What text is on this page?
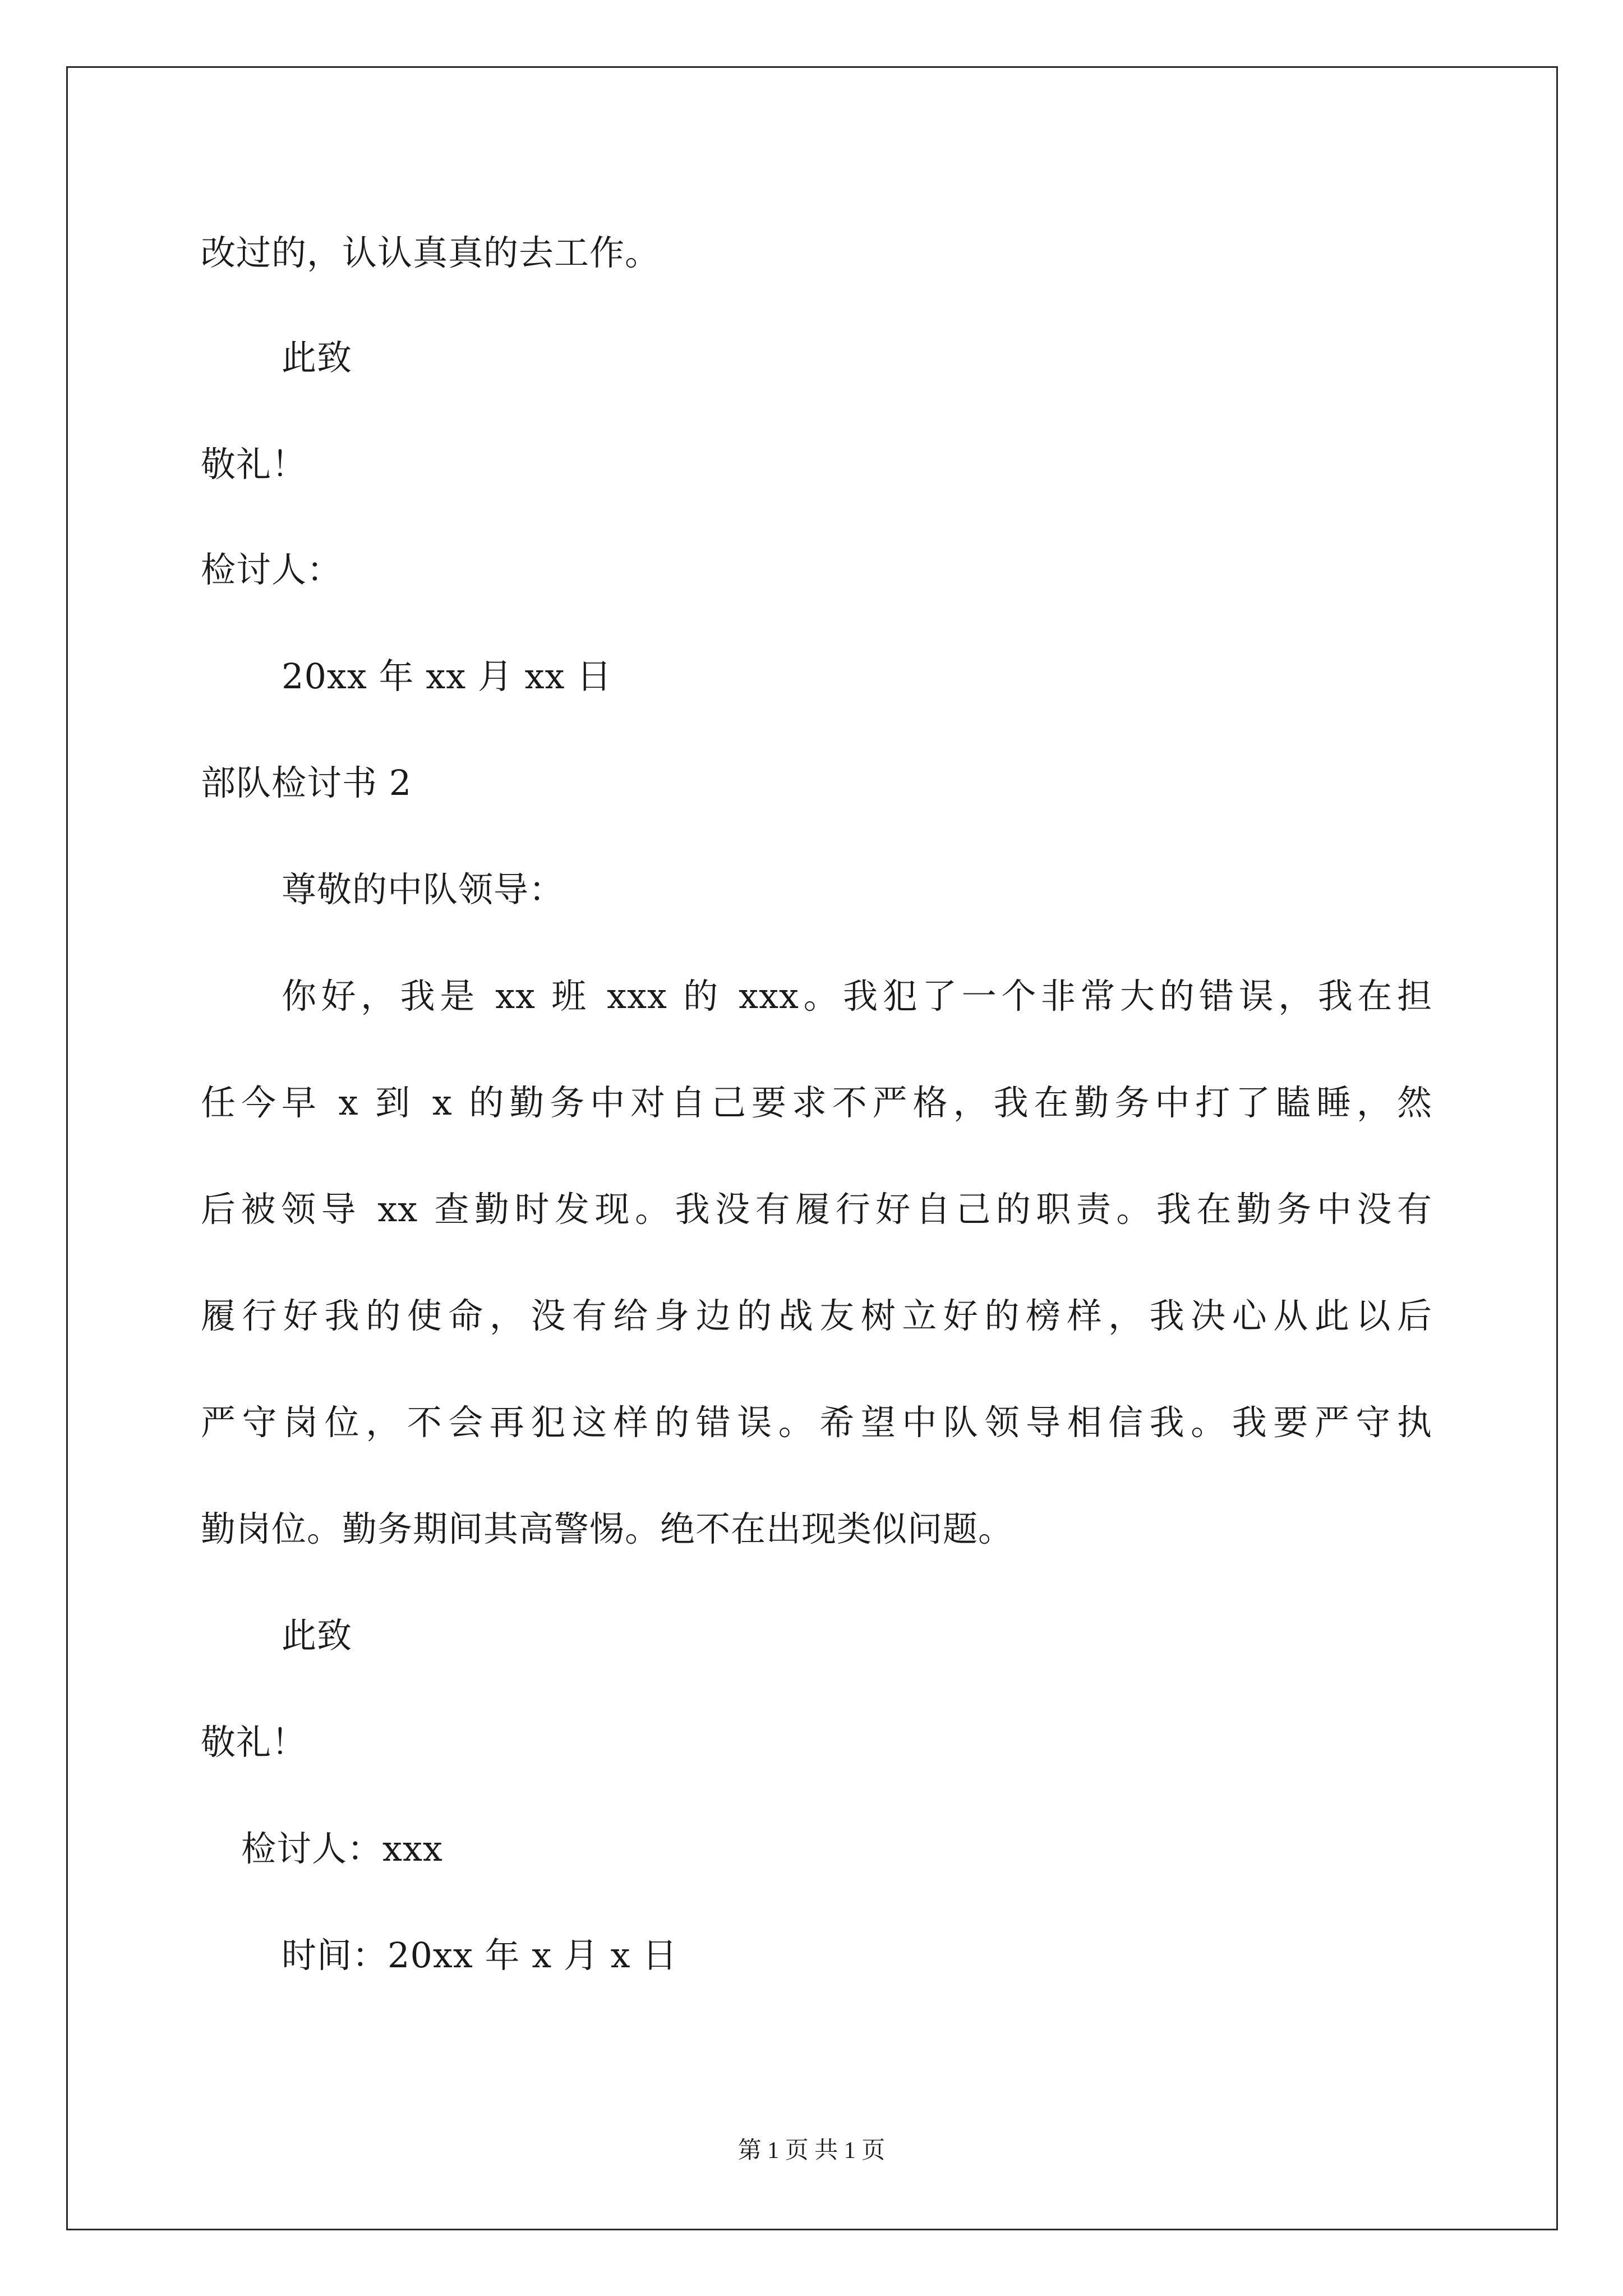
改过的，认认真真的去工作。
此致
敬礼！
检讨人：
20xx 年 xx 月 xx 日
部队检讨书 2
尊敬的中队领导：
你好，我是 xx 班 xxx 的 xxx。我犯了一个非常大的错误，我在担
任今早 x 到 x 的勤务中对自己要求不严格，我在勤务中打了瞌睡，然
后被领导 xx 查勤时发现。我没有履行好自己的职责。我在勤务中没有
履行好我的使命，没有给身边的战友树立好的榜样，我决心从此以后
严守岗位，不会再犯这样的错误。希望中队领导相信我。我要严守执
勤岗位。勤务期间其高警惕。绝不在出现类似问题。
此致
敬礼！
检讨人：xxx
时间：20xx 年 x 月 x 日
第 1 页 共 1 页
